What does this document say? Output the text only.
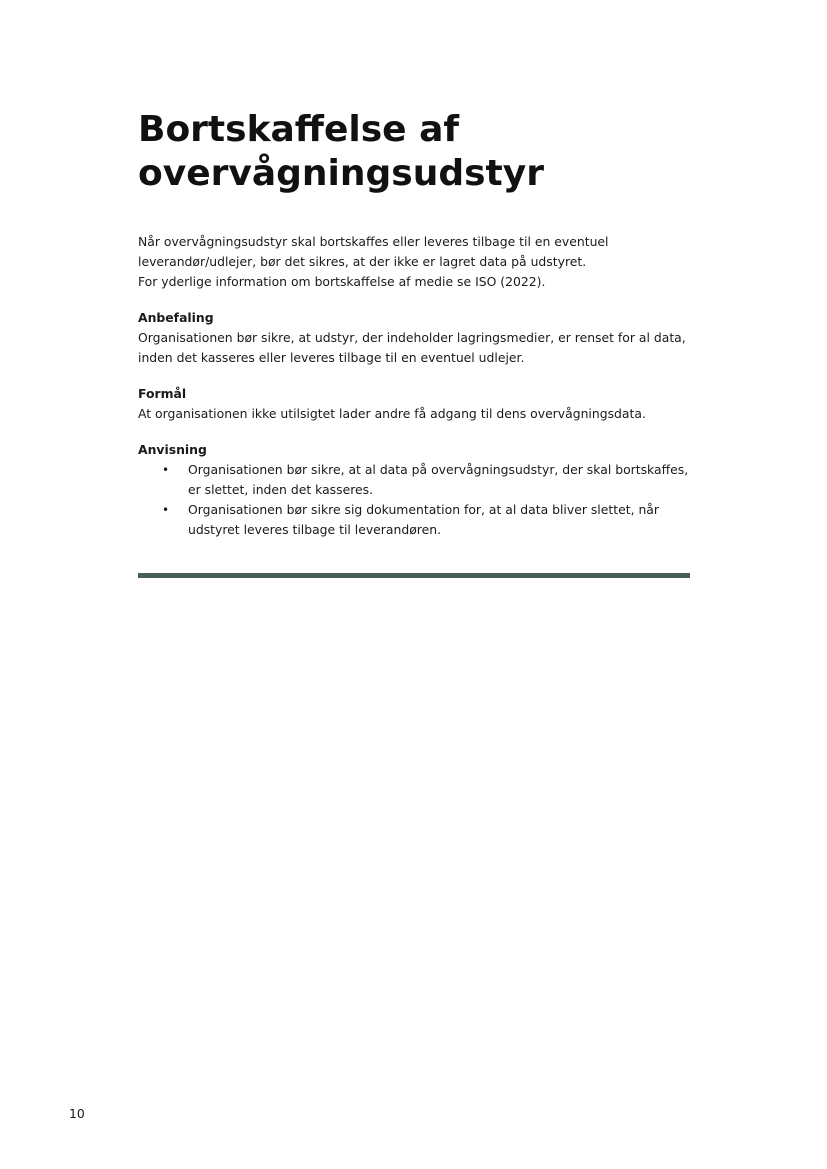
Bortskaffelse af overvågningsudstyr

Når overvågningsudstyr skal bortskaffes eller leveres tilbage til en eventuel leverandør/udlejer, bør det sikres, at der ikke er lagret data på udstyret.

For yderlige information om bortskaffelse af medie se ISO (2022).

Anbefaling

Organisationen bør sikre, at udstyr, der indeholder lagringsmedier, er renset for al data, inden det kasseres eller leveres tilbage til en eventuel udlejer.

Formål

At organisationen ikke utilsigtet lader andre få adgang til dens overvågningsdata.

Anvisning
• Organisationen bør sikre, at al data på overvågningsudstyr, der skal bortskaffes, er slettet, inden det kasseres.
• Organisationen bør sikre sig dokumentation for, at al data bliver slettet, når udstyret leveres tilbage til leverandøren.
10
